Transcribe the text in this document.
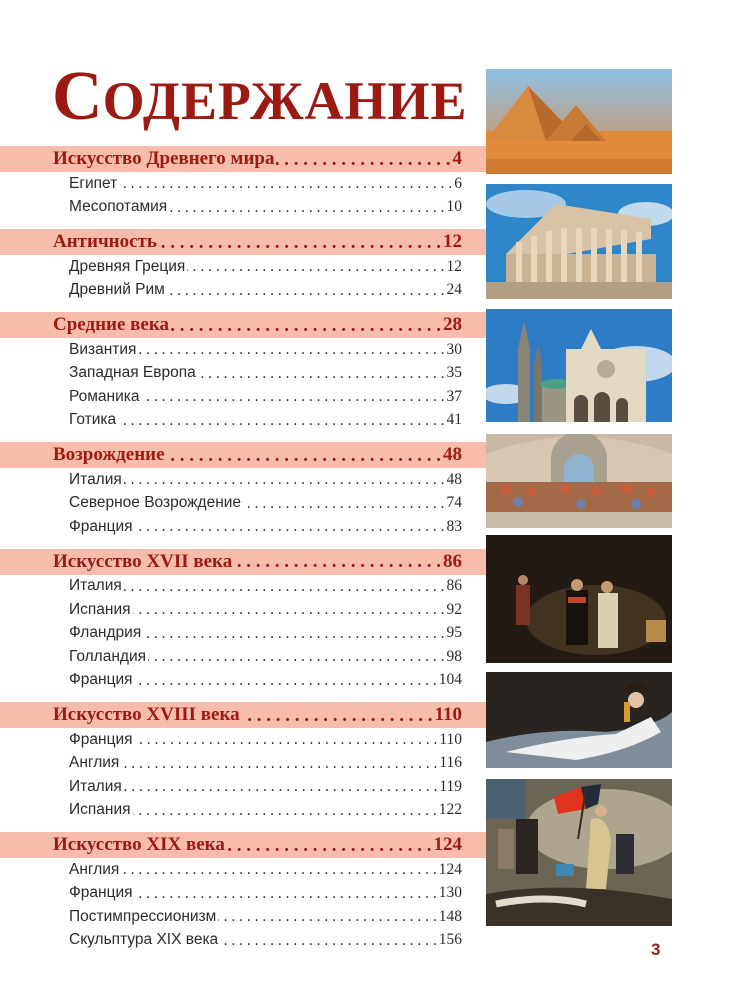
СОДЕРЖАНИЕ
Искусство Древнего мира . . .	4
Египет . . .	6
Месопотамия . . .	10
Античность . . .	12
Древняя Греция . . .	12
Древний Рим . . .	24
Средние века . . .	28
Византия . . .	30
Западная Европа . . .	35
Романика . . .	37
Готика . . .	41
Возрождение . . .	48
Италия . . .	48
Северное Возрождение . . .	74
Франция . . .	83
Искусство XVII века . . .	86
Италия . . .	86
Испания . . .	92
Фландрия . . .	95
Голландия . . .	98
Франция . . .	104
Искусство XVIII века . . .	110
Франция . . .	110
Англия . . .	116
Италия . . .	119
Испания . . .	122
Искусство XIX века . . .	124
Англия . . .	124
Франция . . .	130
Постимпрессионизм . . .	148
Скульптура XIX века . . .	156
3
